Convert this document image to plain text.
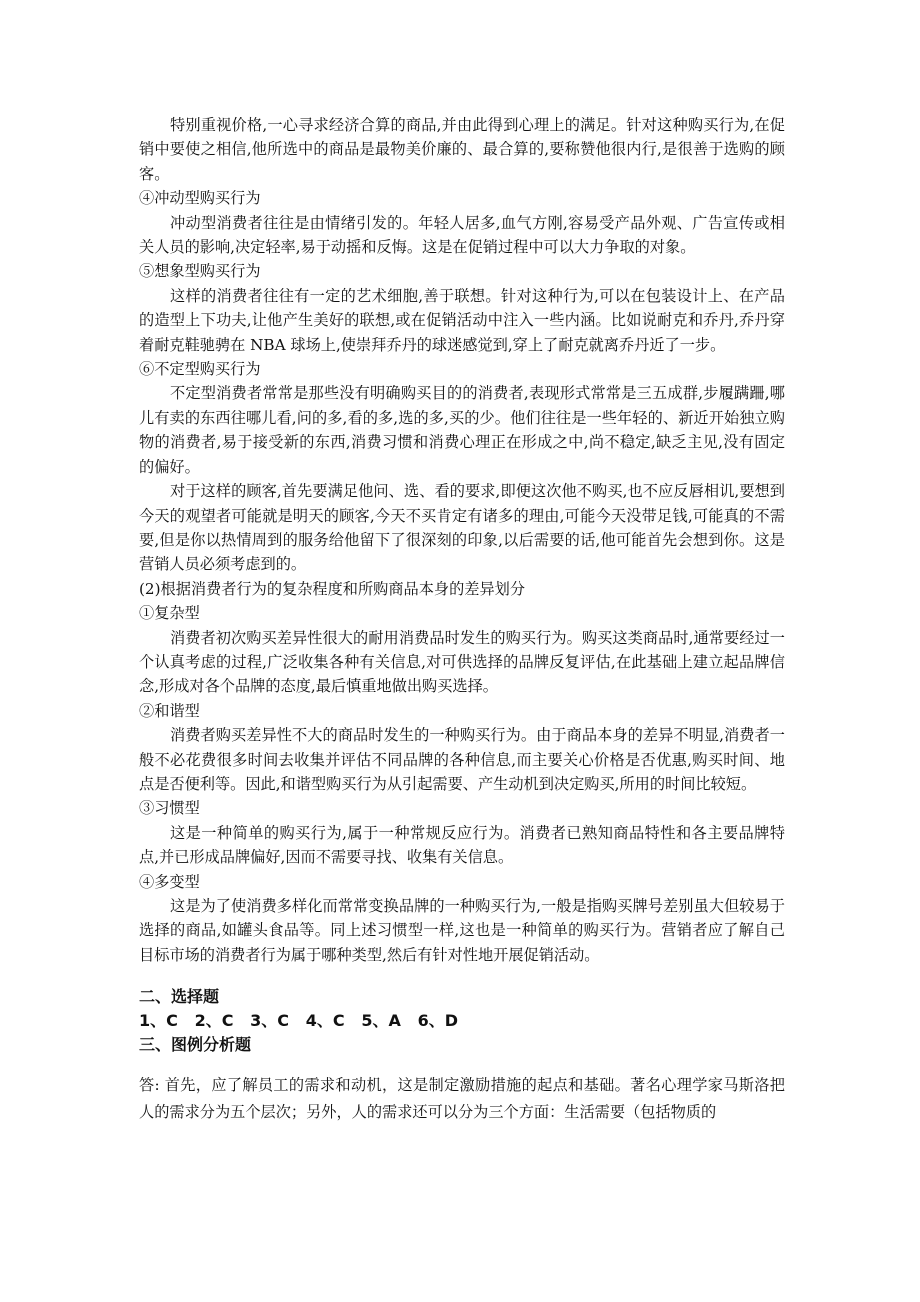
特别重视价格,一心寻求经济合算的商品,并由此得到心理上的满足。针对这种购买行为,在促销中要使之相信,他所选中的商品是最物美价廉的、最合算的,要称赞他很内行,是很善于选购的顾客。

④冲动型购买行为

冲动型消费者往往是由情绪引发的。年轻人居多,血气方刚,容易受产品外观、广告宣传或相关人员的影响,决定轻率,易于动摇和反悔。这是在促销过程中可以大力争取的对象。

⑤想象型购买行为

这样的消费者往往有一定的艺术细胞,善于联想。针对这种行为,可以在包装设计上、在产品的造型上下功夫,让他产生美好的联想,或在促销活动中注入一些内涵。比如说耐克和乔丹,乔丹穿着耐克鞋驰骋在 NBA 球场上,使崇拜乔丹的球迷感觉到,穿上了耐克就离乔丹近了一步。

⑥不定型购买行为

不定型消费者常常是那些没有明确购买目的的消费者,表现形式常常是三五成群,步履蹒跚,哪儿有卖的东西往哪儿看,问的多,看的多,选的多,买的少。他们往往是一些年轻的、新近开始独立购物的消费者,易于接受新的东西,消费习惯和消费心理正在形成之中,尚不稳定,缺乏主见,没有固定的偏好。

对于这样的顾客,首先要满足他问、选、看的要求,即便这次他不购买,也不应反唇相讥,要想到今天的观望者可能就是明天的顾客,今天不买肯定有诸多的理由,可能今天没带足钱,可能真的不需要,但是你以热情周到的服务给他留下了很深刻的印象,以后需要的话,他可能首先会想到你。这是营销人员必须考虑到的。

(2)根据消费者行为的复杂程度和所购商品本身的差异划分

①复杂型

消费者初次购买差异性很大的耐用消费品时发生的购买行为。购买这类商品时,通常要经过一个认真考虑的过程,广泛收集各种有关信息,对可供选择的品牌反复评估,在此基础上建立起品牌信念,形成对各个品牌的态度,最后慎重地做出购买选择。

②和谐型

消费者购买差异性不大的商品时发生的一种购买行为。由于商品本身的差异不明显,消费者一般不必花费很多时间去收集并评估不同品牌的各种信息,而主要关心价格是否优惠,购买时间、地点是否便利等。因此,和谐型购买行为从引起需要、产生动机到决定购买,所用的时间比较短。

③习惯型

这是一种简单的购买行为,属于一种常规反应行为。消费者已熟知商品特性和各主要品牌特点,并已形成品牌偏好,因而不需要寻找、收集有关信息。

④多变型

这是为了使消费多样化而常常变换品牌的一种购买行为,一般是指购买牌号差别虽大但较易于选择的商品,如罐头食品等。同上述习惯型一样,这也是一种简单的购买行为。营销者应了解自己目标市场的消费者行为属于哪种类型,然后有针对性地开展促销活动。

二、选择题

1、C   2、C   3、C   4、C   5、A   6、D

三、图例分析题

答: 首先，应了解员工的需求和动机，这是制定激励措施的起点和基础。著名心理学家马斯洛把人的需求分为五个层次；另外，人的需求还可以分为三个方面：生活需要（包括物质的
